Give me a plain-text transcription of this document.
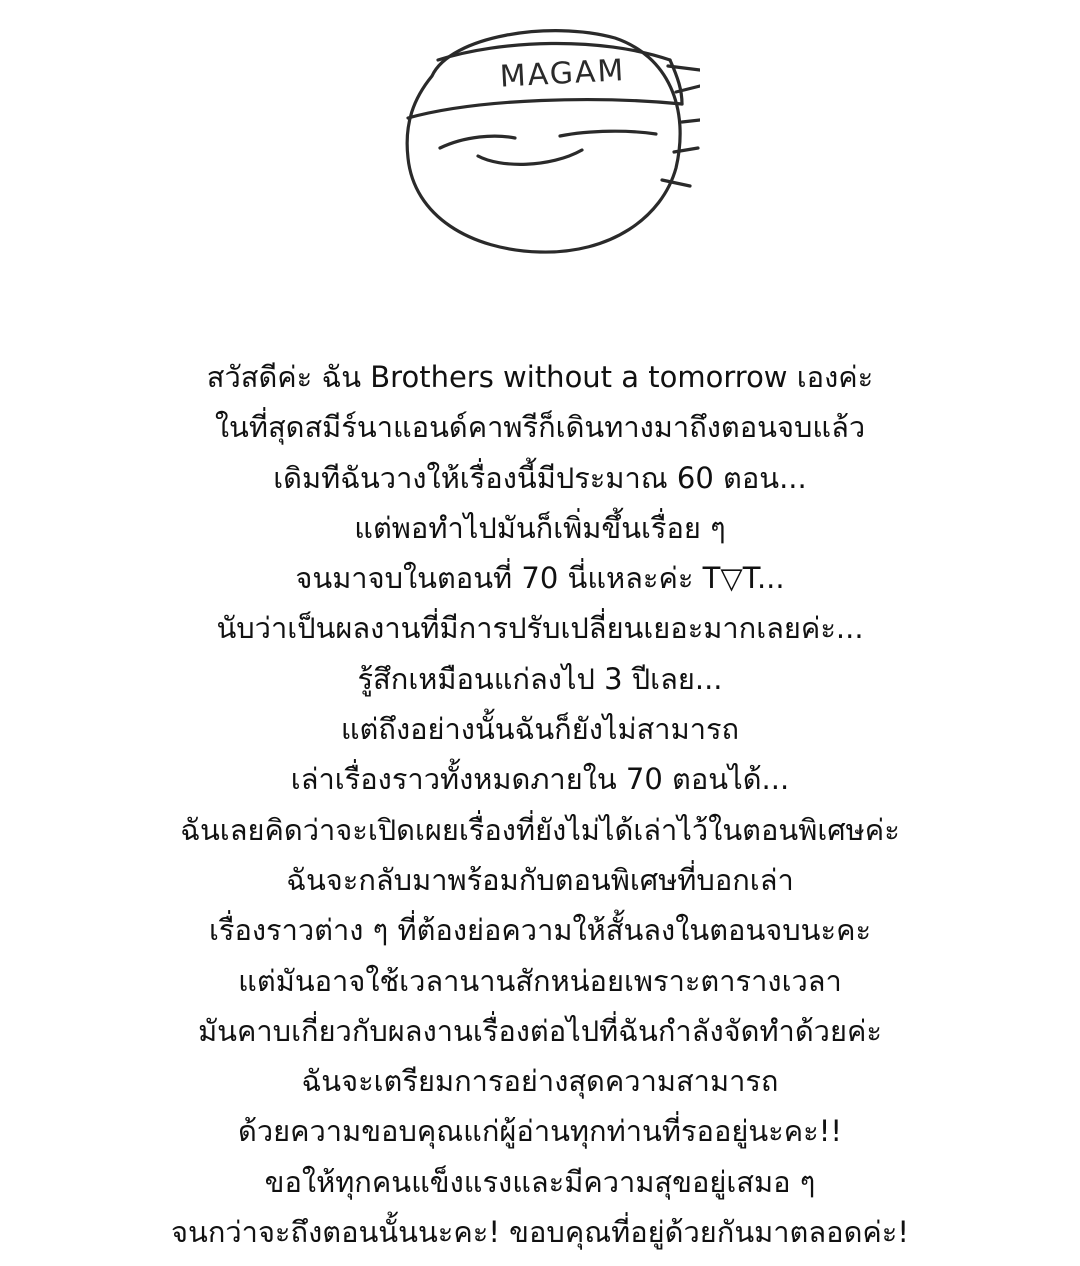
MAGAM
สวัสดีค่ะ ฉัน Brothers without a tomorrow เองค่ะ
ในที่สุดสมีร์นาแอนด์คาพรีก็เดินทางมาถึงตอนจบแล้ว
เดิมทีฉันวางให้เรื่องนี้มีประมาณ 60 ตอน...
แต่พอทำไปมันก็เพิ่มขึ้นเรื่อย ๆ
จนมาจบในตอนที่ 70 นี่แหละค่ะ T▽T...
นับว่าเป็นผลงานที่มีการปรับเปลี่ยนเยอะมากเลยค่ะ...
รู้สึกเหมือนแก่ลงไป 3 ปีเลย...
แต่ถึงอย่างนั้นฉันก็ยังไม่สามารถ
เล่าเรื่องราวทั้งหมดภายใน 70 ตอนได้...
ฉันเลยคิดว่าจะเปิดเผยเรื่องที่ยังไม่ได้เล่าไว้ในตอนพิเศษค่ะ
ฉันจะกลับมาพร้อมกับตอนพิเศษที่บอกเล่า
เรื่องราวต่าง ๆ ที่ต้องย่อความให้สั้นลงในตอนจบนะคะ
แต่มันอาจใช้เวลานานสักหน่อยเพราะตารางเวลา
มันคาบเกี่ยวกับผลงานเรื่องต่อไปที่ฉันกำลังจัดทำด้วยค่ะ
ฉันจะเตรียมการอย่างสุดความสามารถ
ด้วยความขอบคุณแก่ผู้อ่านทุกท่านที่รออยู่นะคะ!!
ขอให้ทุกคนแข็งแรงและมีความสุขอยู่เสมอ ๆ
จนกว่าจะถึงตอนนั้นนะคะ! ขอบคุณที่อยู่ด้วยกันมาตลอดค่ะ!
